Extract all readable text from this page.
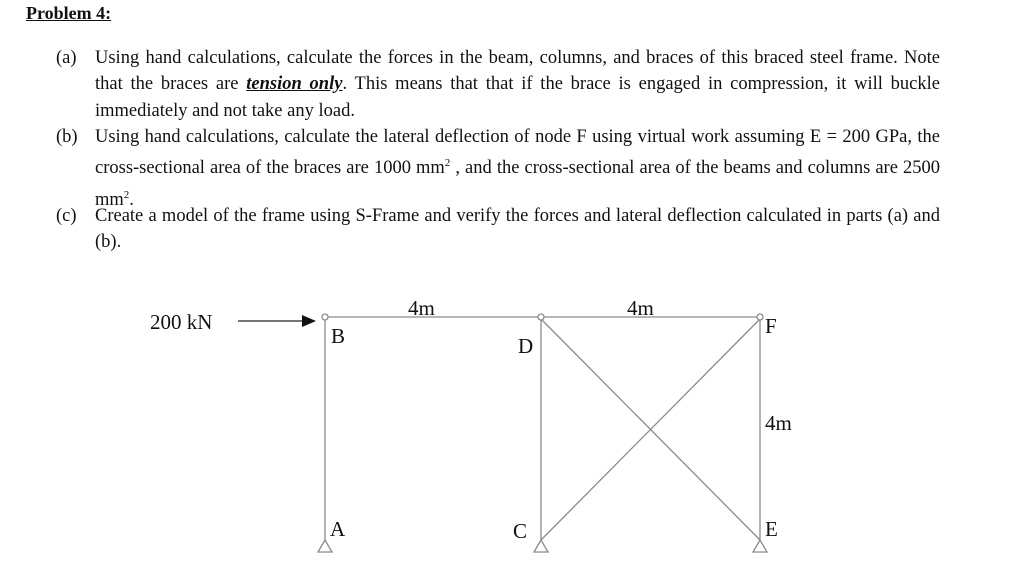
Problem 4:
(a) Using hand calculations, calculate the forces in the beam, columns, and braces of this braced steel frame. Note that the braces are tension only. This means that that if the brace is engaged in compression, it will buckle immediately and not take any load.
(b) Using hand calculations, calculate the lateral deflection of node F using virtual work assuming E = 200 GPa, the cross-sectional area of the braces are 1000 $mm^2$ , and the cross-sectional area of the beams and columns are 2500 $mm^2$.
(c) Create a model of the frame using S-Frame and verify the forces and lateral deflection calculated in parts (a) and (b).
200 kN
4m	4m
4m
B	D
F
A	C	E
